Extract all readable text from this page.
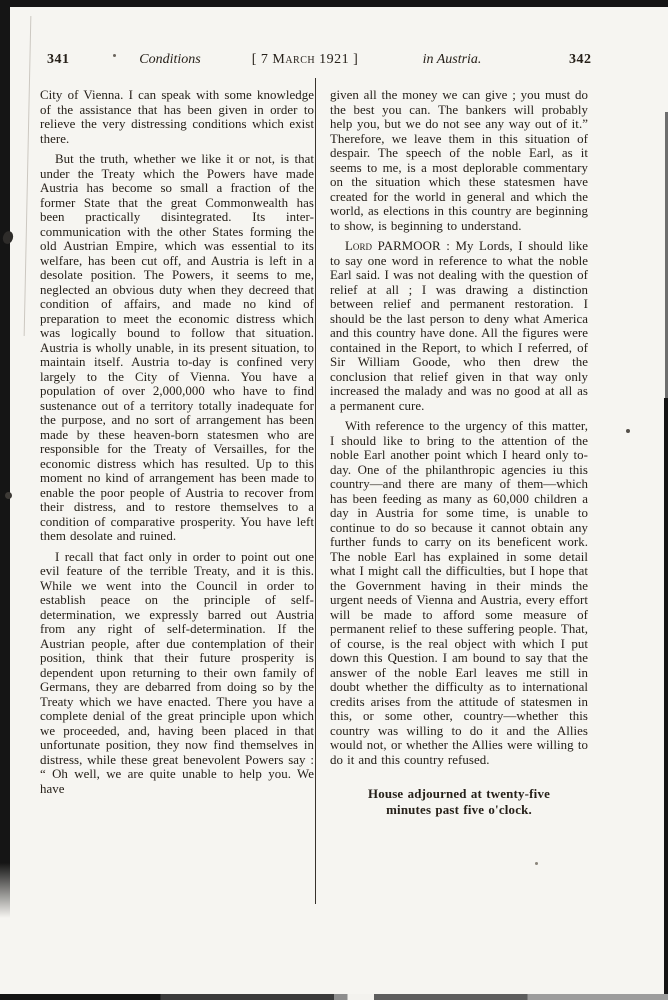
341	Conditions	[ 7 March 1921 ]	in Austria.	342

City of Vienna. I can speak with some knowledge of the assistance that has been given in order to relieve the very distressing conditions which exist there.

But the truth, whether we like it or not, is that under the Treaty which the Powers have made Austria has become so small a fraction of the former State that the great Commonwealth has been practically disintegrated. Its inter-communication with the other States forming the old Austrian Empire, which was essential to its welfare, has been cut off, and Austria is left in a desolate position. The Powers, it seems to me, neglected an obvious duty when they decreed that condition of affairs, and made no kind of preparation to meet the economic distress which was logically bound to follow that situation. Austria is wholly unable, in its present situation, to maintain itself. Austria to-day is confined very largely to the City of Vienna. You have a population of over 2,000,000 who have to find sustenance out of a territory totally inadequate for the purpose, and no sort of arrangement has been made by these heaven-born statesmen who are responsible for the Treaty of Versailles, for the economic distress which has resulted. Up to this moment no kind of arrangement has been made to enable the poor people of Austria to recover from their distress, and to restore themselves to a condition of comparative prosperity. You have left them desolate and ruined.

I recall that fact only in order to point out one evil feature of the terrible Treaty, and it is this. While we went into the Council in order to establish peace on the principle of self-determination, we expressly barred out Austria from any right of self-determination. If the Austrian people, after due contemplation of their position, think that their future prosperity is dependent upon returning to their own family of Germans, they are debarred from doing so by the Treaty which we have enacted. There you have a complete denial of the great principle upon which we proceeded, and, having been placed in that unfortunate position, they now find themselves in distress, while these great benevolent Powers say : “ Oh well, we are quite unable to help you. We have

given all the money we can give ; you must do the best you can. The bankers will probably help you, but we do not see any way out of it.” Therefore, we leave them in this situation of despair. The speech of the noble Earl, as it seems to me, is a most deplorable commentary on the situation which these statesmen have created for the world in general and which the world, as elections in this country are beginning to show, is beginning to understand.

Lord PARMOOR : My Lords, I should like to say one word in reference to what the noble Earl said. I was not dealing with the question of relief at all ; I was drawing a distinction between relief and permanent restoration. I should be the last person to deny what America and this country have done. All the figures were contained in the Report, to which I referred, of Sir William Goode, who then drew the conclusion that relief given in that way only increased the malady and was no good at all as a permanent cure.

With reference to the urgency of this matter, I should like to bring to the attention of the noble Earl another point which I heard only to-day. One of the philanthropic agencies iu this country—and there are many of them—which has been feeding as many as 60,000 children a day in Austria for some time, is unable to continue to do so because it cannot obtain any further funds to carry on its beneficent work. The noble Earl has explained in some detail what I might call the difficulties, but I hope that the Government having in their minds the urgent needs of Vienna and Austria, every effort will be made to afford some measure of permanent relief to these suffering people. That, of course, is the real object with which I put down this Question. I am bound to say that the answer of the noble Earl leaves me still in doubt whether the difficulty as to international credits arises from the attitude of statesmen in this, or some other, country—whether this country was willing to do it and the Allies would not, or whether the Allies were willing to do it and this country refused.

House adjourned at twenty-five
minutes past five o'clock.
